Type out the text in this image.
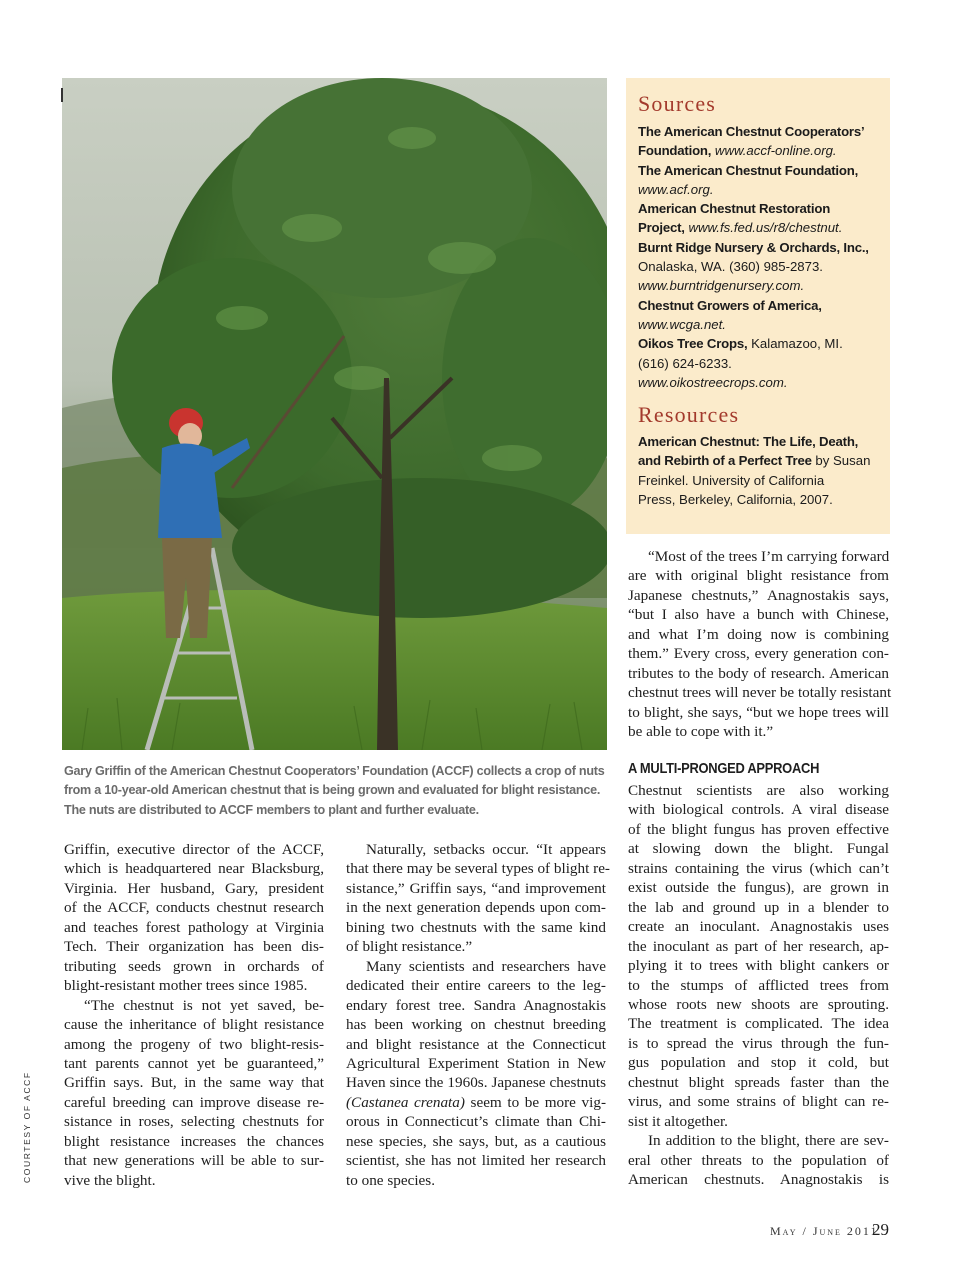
Sources

The American Chestnut Cooperators’

Foundation, www.accf-online.org.

The American Chestnut Foundation,

www.acf.org.

American Chestnut Restoration

Project, www.fs.fed.us/r8/chestnut.

Burnt Ridge Nursery & Orchards, Inc.,

Onalaska, WA. (360) 985-2873.

www.burntridgenursery.com.

Chestnut Growers of America,

www.wcga.net.

Oikos Tree Crops, Kalamazoo, MI.

(616) 624-6233.

www.oikostreecrops.com.

Resources

American Chestnut: The Life, Death,

and Rebirth of a Perfect Tree by Susan

Freinkel. University of California

Press, Berkeley, California, 2007.

Gary Griffin of the American Chestnut Cooperators’ Foundation (ACCF) collects a crop of nuts
from a 10-year-old American chestnut that is being grown and evaluated for blight resistance.
The nuts are distributed to ACCF members to plant and further evaluate.
Griffin, executive director of the ACCF,
which is headquartered near Blacksburg,
Virginia. Her husband, Gary, president
of the ACCF, conducts chestnut research
and teaches forest pathology at Virginia
Tech. Their organization has been dis-
tributing seeds grown in orchards of
blight-resistant mother trees since 1985.
“The chestnut is not yet saved, be-
cause the inheritance of blight resistance
among the progeny of two blight-resis-
tant parents cannot yet be guaranteed,”
Griffin says. But, in the same way that
careful breeding can improve disease re-
sistance in roses, selecting chestnuts for
blight resistance increases the chances
that new generations will be able to sur-
vive the blight.
Naturally, setbacks occur. “It appears
that there may be several types of blight re-
sistance,” Griffin says, “and improvement
in the next generation depends upon com-
bining two chestnuts with the same kind
of blight resistance.”
Many scientists and researchers have
dedicated their entire careers to the leg-
endary forest tree. Sandra Anagnostakis
has been working on chestnut breeding
and blight resistance at the Connecticut
Agricultural Experiment Station in New
Haven since the 1960s. Japanese chestnuts
(Castanea crenata) seem to be more vig-
orous in Connecticut’s climate than Chi-
nese species, she says, but, as a cautious
scientist, she has not limited her research
to one species.
“Most of the trees I’m carrying forward
are with original blight resistance from
Japanese chestnuts,” Anagnostakis says,
“but I also have a bunch with Chinese,
and what I’m doing now is combining
them.” Every cross, every generation con-
tributes to the body of research. American
chestnut trees will never be totally resistant
to blight, she says, “but we hope trees will
be able to cope with it.”
A MULTI-PRONGED APPROACH
Chestnut scientists are also working
with biological controls. A viral disease
of the blight fungus has proven effective
at slowing down the blight. Fungal
strains containing the virus (which can’t
exist outside the fungus), are grown in
the lab and ground up in a blender to
create an inoculant. Anagnostakis uses
the inoculant as part of her research, ap-
plying it to trees with blight cankers or
to the stumps of afflicted trees from
whose roots new shoots are sprouting.
The treatment is complicated. The idea
is to spread the virus through the fun-
gus population and stop it cold, but
chestnut blight spreads faster than the
virus, and some strains of blight can re-
sist it altogether.
In addition to the blight, there are sev-
eral other threats to the population of
American chestnuts. Anagnostakis is
COURTESY OF ACCF
May / June 2011
29
